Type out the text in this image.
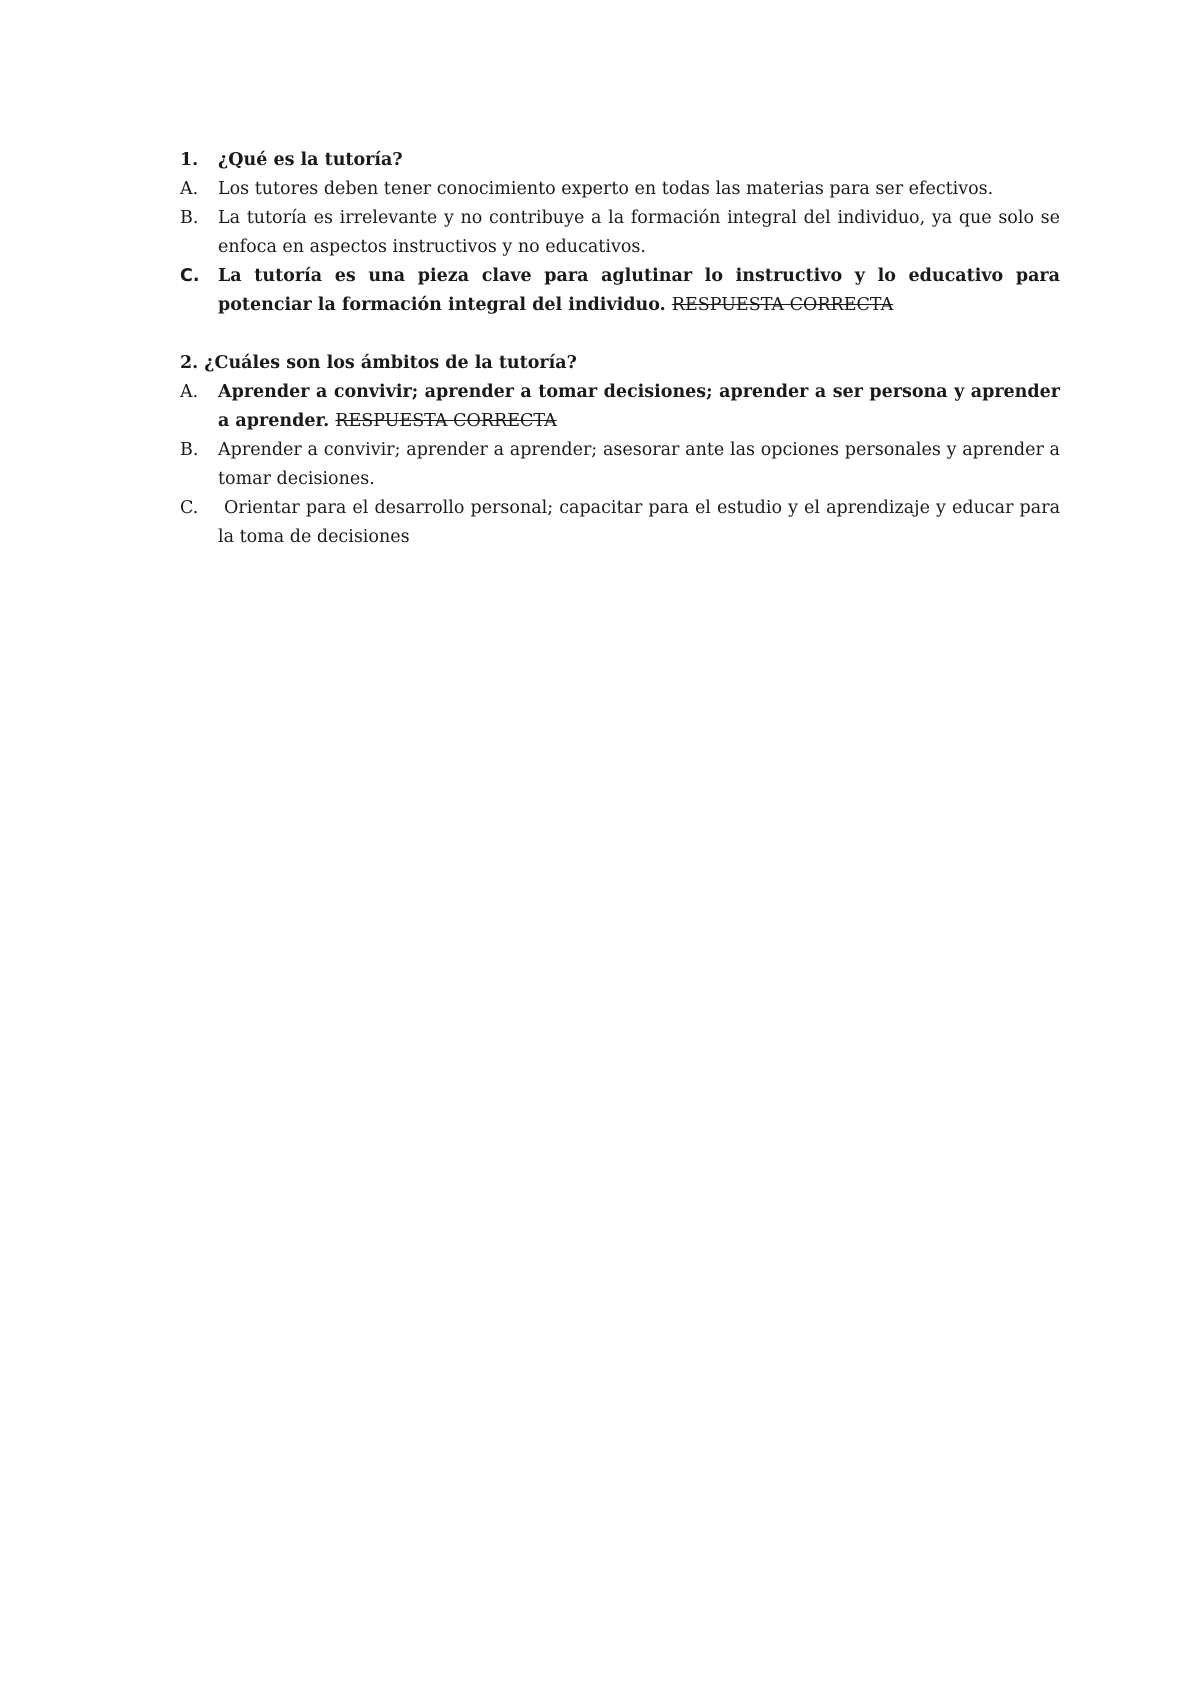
1.	¿Qué es la tutoría?
A.	Los tutores deben tener conocimiento experto en todas las materias para ser efectivos.
B.	La tutoría es irrelevante y no contribuye a la formación integral del individuo, ya que solo se enfoca en aspectos instructivos y no educativos.
C.	La tutoría es una pieza clave para aglutinar lo instructivo y lo educativo para potenciar la formación integral del individuo. RESPUESTA CORRECTA
2. ¿Cuáles son los ámbitos de la tutoría?
A.	Aprender a convivir; aprender a tomar decisiones; aprender a ser persona y aprender a aprender. RESPUESTA CORRECTA
B.	Aprender a convivir; aprender a aprender; asesorar ante las opciones personales y aprender a tomar decisiones.
C.	Orientar para el desarrollo personal; capacitar para el estudio y el aprendizaje y educar para la toma de decisiones
